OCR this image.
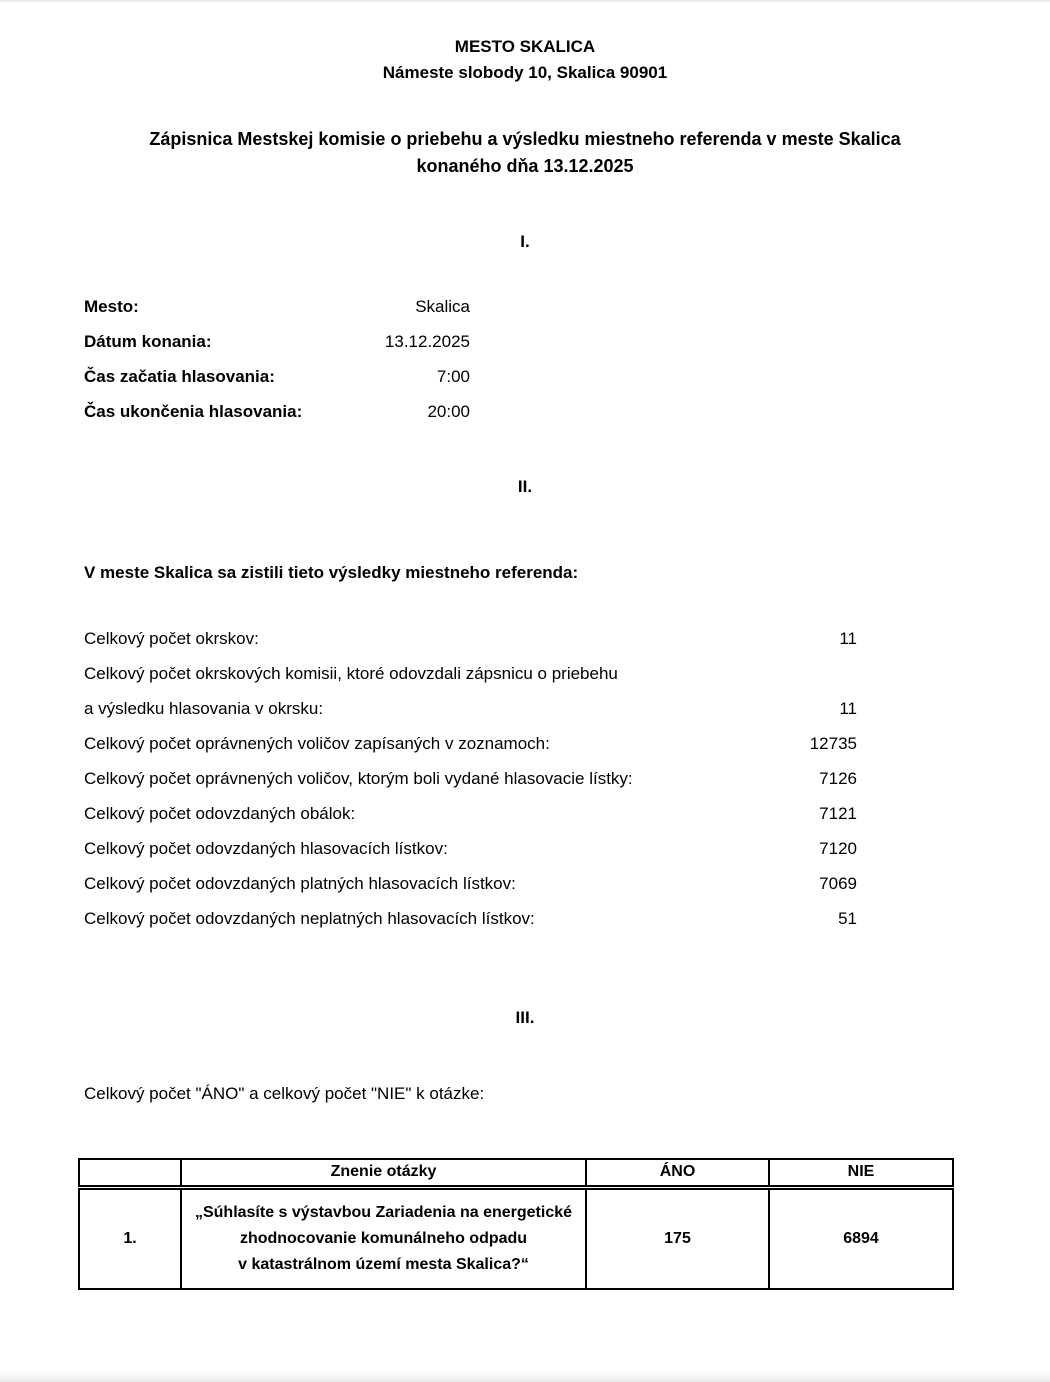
MESTO SKALICA
Námeste slobody 10, Skalica 90901
Zápisnica Mestskej komisie o priebehu a výsledku miestneho referenda v meste Skalica
konaného dňa 13.12.2025
I.
Mesto:	Skalica
Dátum konania:	13.12.2025
Čas začatia hlasovania:	7:00
Čas ukončenia hlasovania:	20:00
II.
V meste Skalica sa zistili tieto výsledky miestneho referenda:
Celkový počet okrskov:	11
Celkový počet okrskových komisii, ktoré odovzdali zápsnicu o priebehu
a výsledku hlasovania v okrsku:	11
Celkový počet oprávnených voličov zapísaných v zoznamoch:	12735
Celkový počet oprávnených voličov, ktorým boli vydané hlasovacie lístky:	7126
Celkový počet odovzdaných obálok:	7121
Celkový počet odovzdaných hlasovacích lístkov:	7120
Celkový počet odovzdaných platných hlasovacích lístkov:	7069
Celkový počet odovzdaných neplatných hlasovacích lístkov:	51
III.
Celkový počet "ÁNO" a celkový počet "NIE" k otázke:
	Znenie otázky	ÁNO	NIE
1.	„Súhlasíte s výstavbou Zariadenia na energetické
zhodnocovanie komunálneho odpadu
v katastrálnom území mesta Skalica?“	175	6894
